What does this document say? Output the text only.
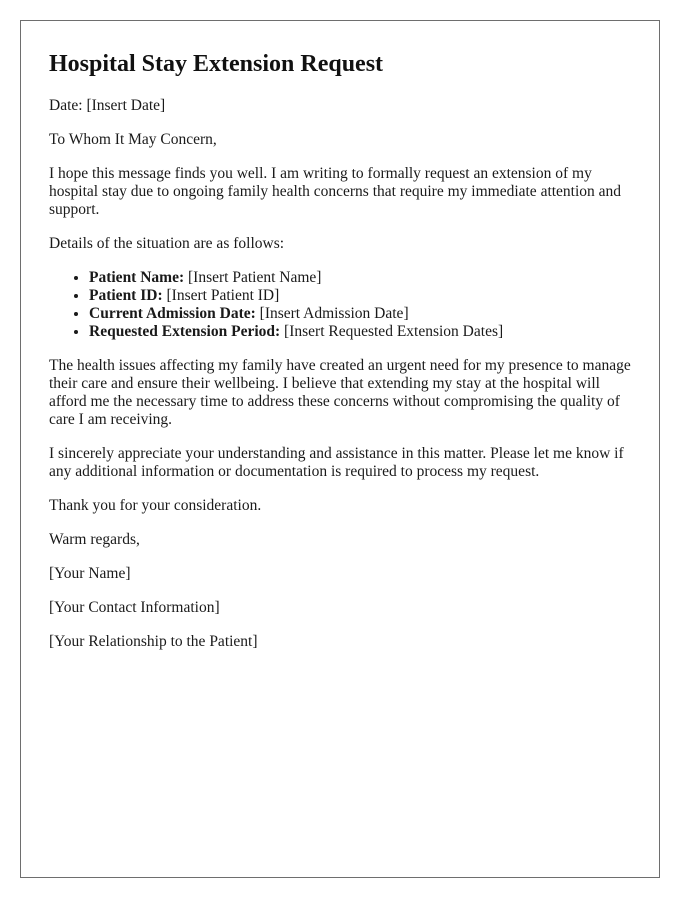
Hospital Stay Extension Request

Date: [Insert Date]

To Whom It May Concern,

I hope this message finds you well. I am writing to formally request an extension of my hospital stay due to ongoing family health concerns that require my immediate attention and support.

Details of the situation are as follows:

• Patient Name: [Insert Patient Name]
• Patient ID: [Insert Patient ID]
• Current Admission Date: [Insert Admission Date]
• Requested Extension Period: [Insert Requested Extension Dates]

The health issues affecting my family have created an urgent need for my presence to manage their care and ensure their wellbeing. I believe that extending my stay at the hospital will afford me the necessary time to address these concerns without compromising the quality of care I am receiving.

I sincerely appreciate your understanding and assistance in this matter. Please let me know if any additional information or documentation is required to process my request.

Thank you for your consideration.

Warm regards,

[Your Name]

[Your Contact Information]

[Your Relationship to the Patient]
